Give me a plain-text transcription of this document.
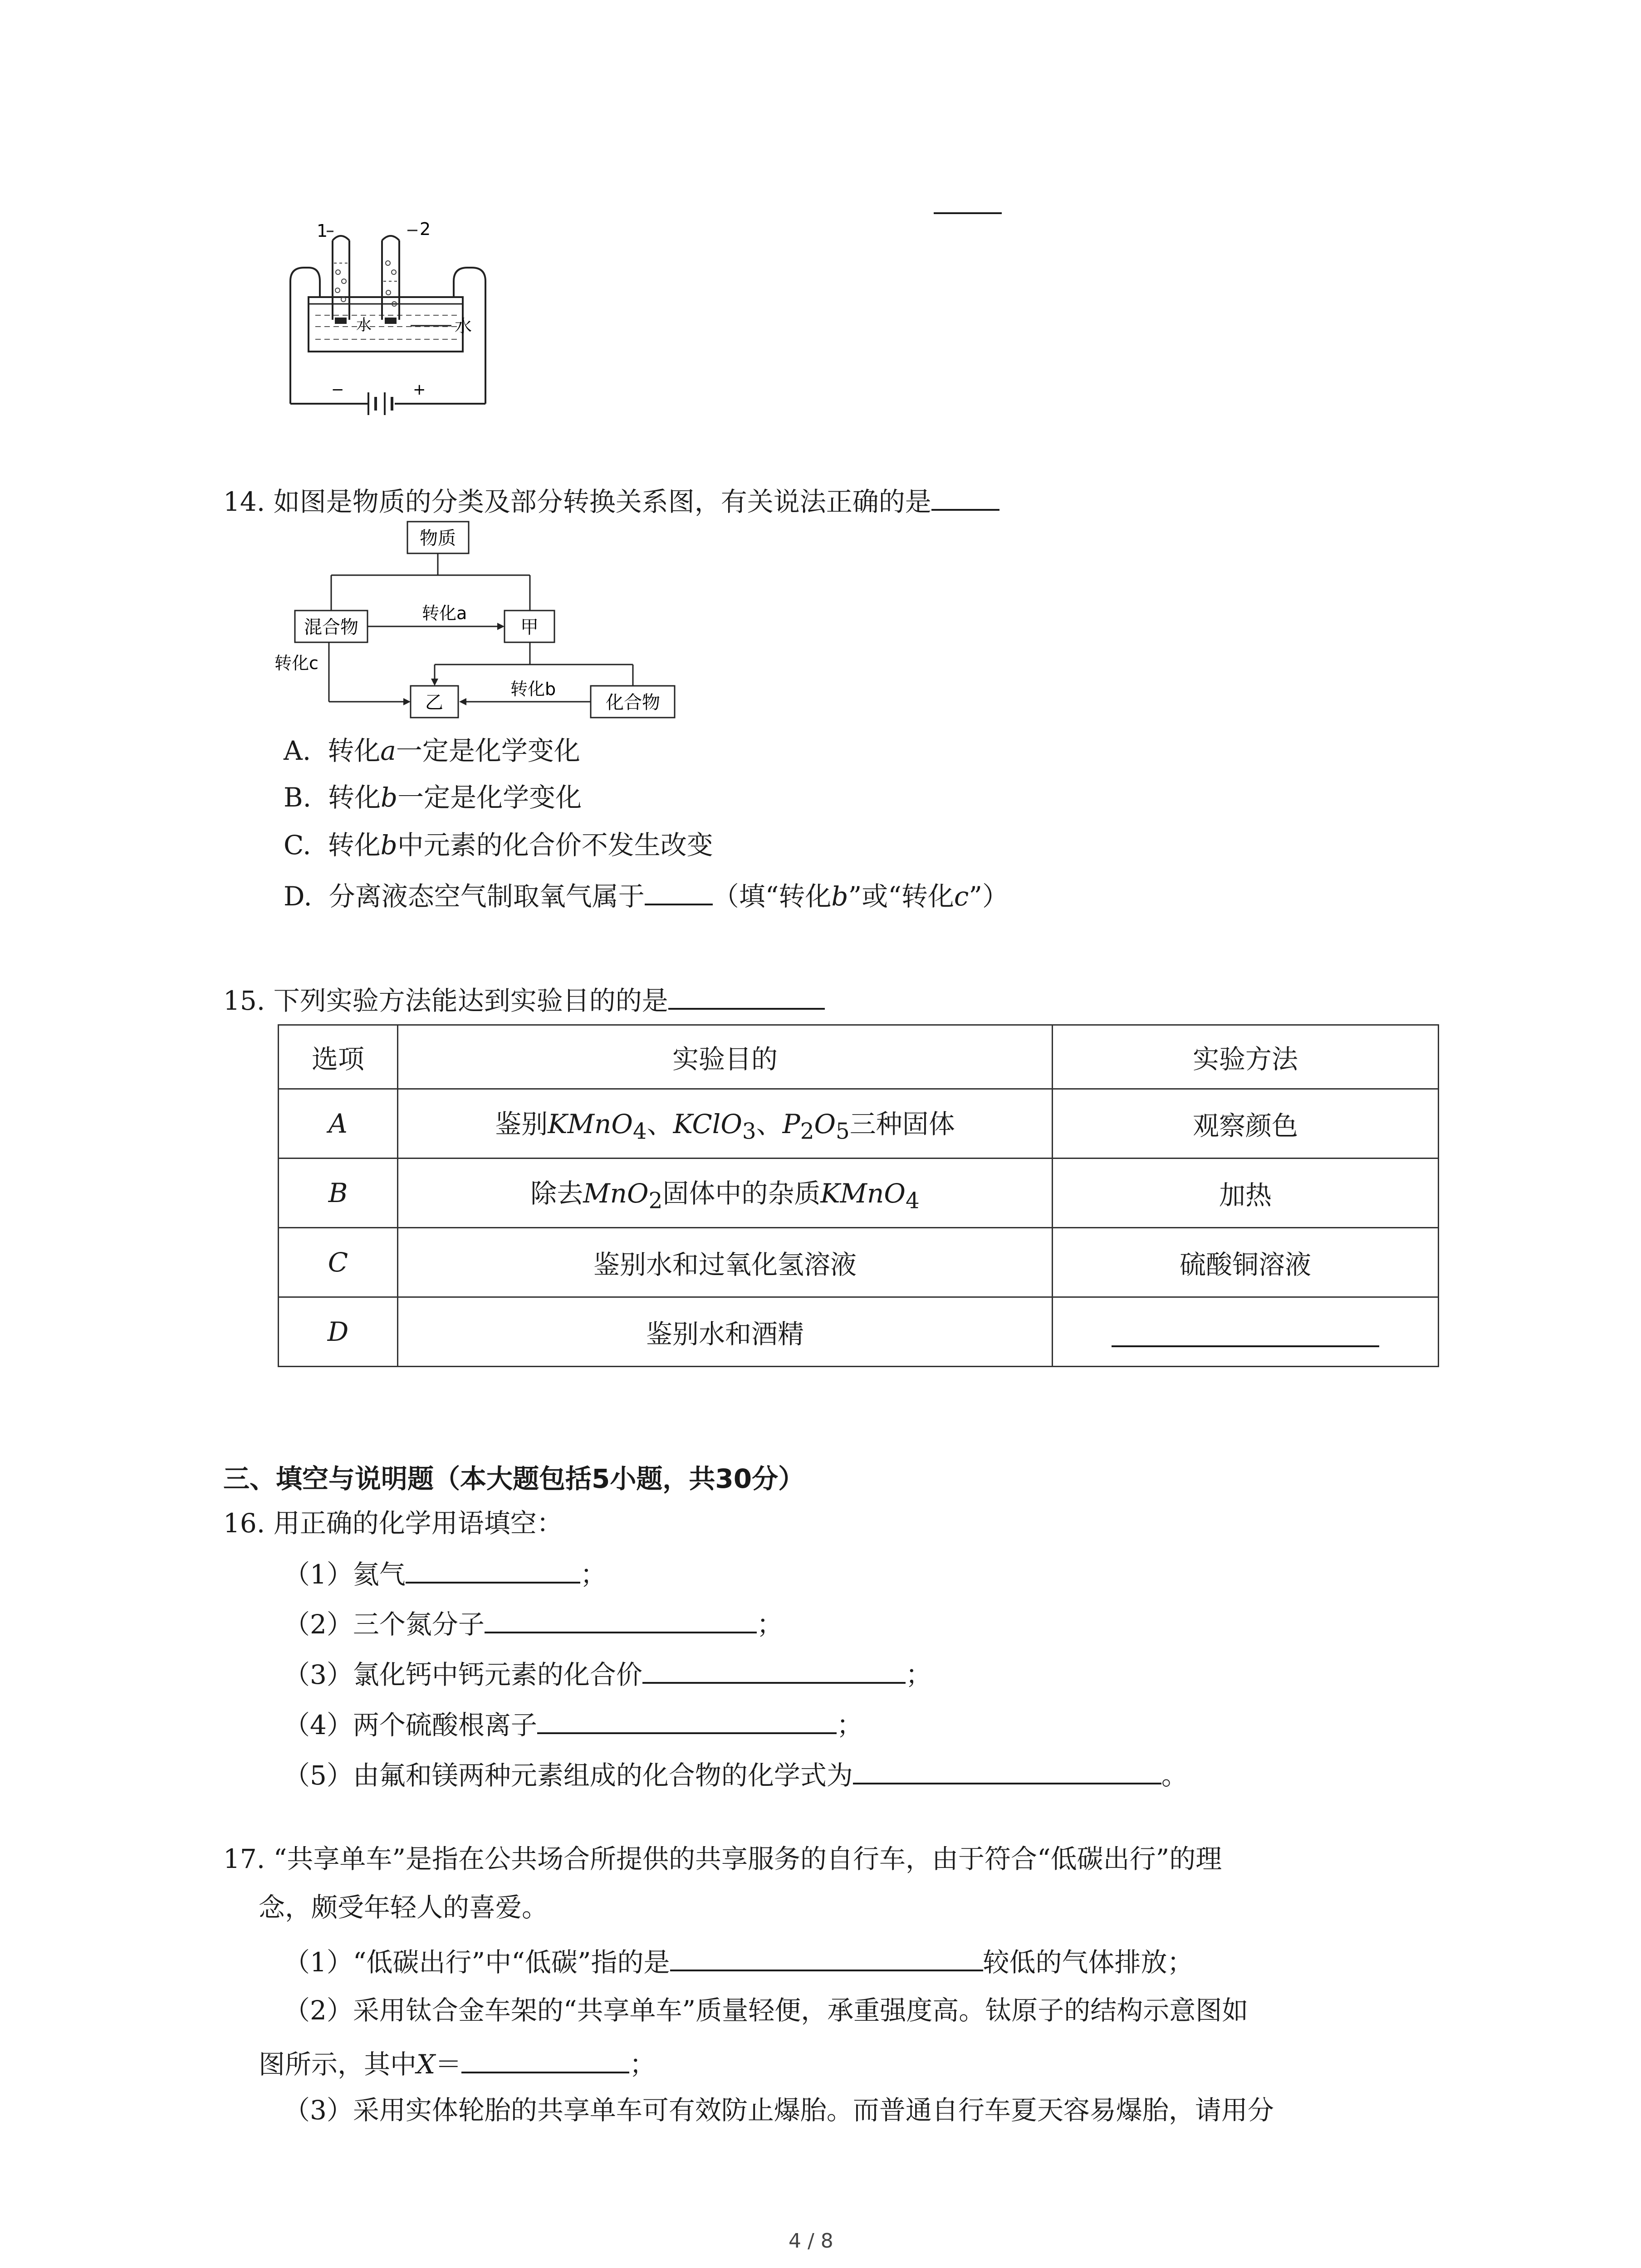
1	2
水	水
−	+
14. 如图是物质的分类及部分转换关系图，有关说法正确的是
物质
混合物	甲
乙	化合物
转化a
转化b
转化c
A. 转化a一定是化学变化
B. 转化b一定是化学变化
C. 转化b中元素的化合价不发生改变
D. 分离液态空气制取氧气属于	（填“转化b”或“转化c”）
15. 下列实验方法能达到实验目的的是
选项	实验目的	实验方法
A	鉴别KMnO$_4$、KClO$_3$、$P_2O_5$三种固体	观察颜色
B	除去MnO$_2$固体中的杂质KMnO$_4$	加热
C	鉴别水和过氧化氢溶液	硫酸铜溶液
D	鉴别水和酒精	
三、填空与说明题（本大题包括5小题，共30分）
16. 用正确的化学用语填空：
（1）氦气	；
（2）三个氮分子	；
（3）氯化钙中钙元素的化合价	；
（4）两个硫酸根离子	；
（5）由氟和镁两种元素组成的化合物的化学式为	。
17. “共享单车”是指在公共场合所提供的共享服务的自行车，由于符合“低碳出行”的理
念，颇受年轻人的喜爱。
（1）“低碳出行”中“低碳”指的是	较低的气体排放；
（2）采用钛合金车架的“共享单车”质量轻便，承重强度高。钛原子的结构示意图如
图所示，其中X＝	；
（3）采用实体轮胎的共享单车可有效防止爆胎。而普通自行车夏天容易爆胎，请用分
4 / 8
